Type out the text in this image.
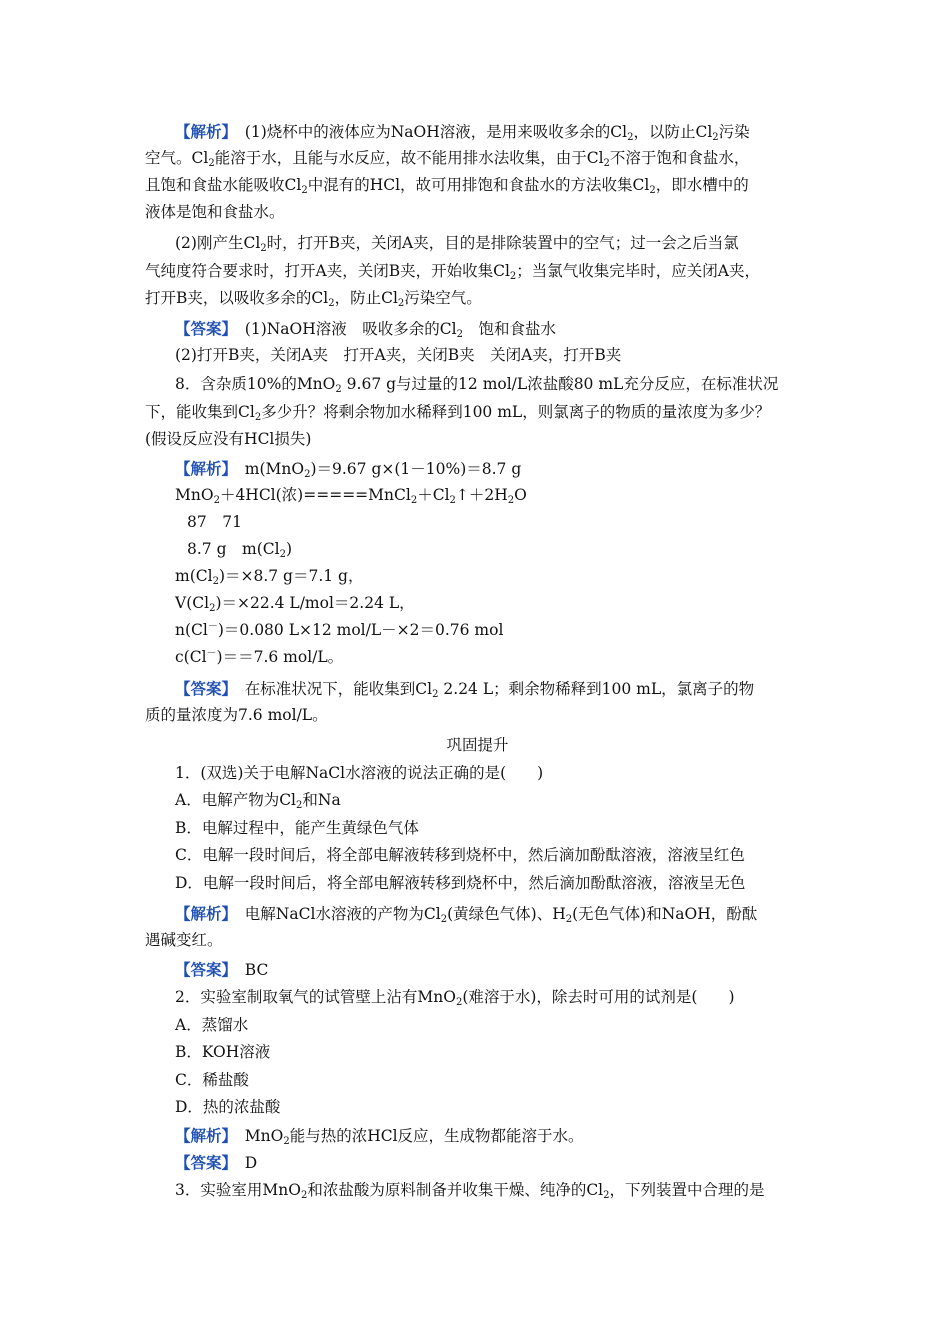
【解析】　 (1)烧杯中的液体应为NaOH溶液，是用来吸收多余的$Cl_2$，以防止$Cl_2$污染
空气。$Cl_2$能溶于水，且能与水反应，故不能用排水法收集，由于$Cl_2$不溶于饱和食盐水，
且饱和食盐水能吸收$Cl_2$中混有的HCl，故可用排饱和食盐水的方法收集$Cl_2$，即水槽中的
液体是饱和食盐水。
(2)刚产生$Cl_2$时，打开B夹，关闭A夹，目的是排除装置中的空气；过一会之后当氯
气纯度符合要求时，打开A夹，关闭B夹，开始收集$Cl_2$；当氯气收集完毕时，应关闭A夹，
打开B夹，以吸收多余的$Cl_2$，防止$Cl_2$污染空气。
【答案】　 (1)NaOH溶液　吸收多余的$Cl_2$　饱和食盐水
(2)打开B夹，关闭A夹　打开A夹，关闭B夹　关闭A夹，打开B夹
8．含杂质10%的MnO$_2$ 9.67 g与过量的12 mol/L浓盐酸80 mL充分反应，在标准状况
下，能收集到$Cl_2$多少升？将剩余物加水稀释到100 mL，则氯离子的物质的量浓度为多少？
(假设反应没有HCl损失)
【解析】　 m(MnO$_2$)＝9.67 g×(1－10%)＝8.7 g
MnO$_2$＋4HCl(浓)$=====MnCl_2+Cl_2↑+2H_2O$
87　71
8.7 g　$m(Cl_2)$
$m(Cl_2)=\times 8.7$ g＝7.1 g，
$V(Cl_2)=\times 22.4$ L/mol＝2.24 L，
n(Cl－)＝0.080 L×12 mol/L－×2＝0.76 mol
c(Cl－)＝＝7.6 mol/L。
【答案】　 在标准状况下，能收集到$Cl_2$ 2.24 L；剩余物稀释到100 mL，氯离子的物
质的量浓度为7.6 mol/L。
巩固提升
1．(双选)关于电解NaCl水溶液的说法正确的是(　　)
A．电解产物为$Cl_2$和Na
B．电解过程中，能产生黄绿色气体
C．电解一段时间后，将全部电解液转移到烧杯中，然后滴加酚酞溶液，溶液呈红色
D．电解一段时间后，将全部电解液转移到烧杯中，然后滴加酚酞溶液，溶液呈无色
【解析】　 电解NaCl水溶液的产物为$Cl_2$(黄绿色气体)、$H_2$(无色气体)和NaOH，酚酞
遇碱变红。
【答案】　 BC
2．实验室制取氧气的试管壁上沾有MnO$_2$(难溶于水)，除去时可用的试剂是(　　)
A．蒸馏水
B．KOH溶液
C．稀盐酸
D．热的浓盐酸
【解析】　 MnO$_2$能与热的浓HCl反应，生成物都能溶于水。
【答案】　 D
3．实验室用MnO$_2$和浓盐酸为原料制备并收集干燥、纯净的$Cl_2$，下列装置中合理的是
